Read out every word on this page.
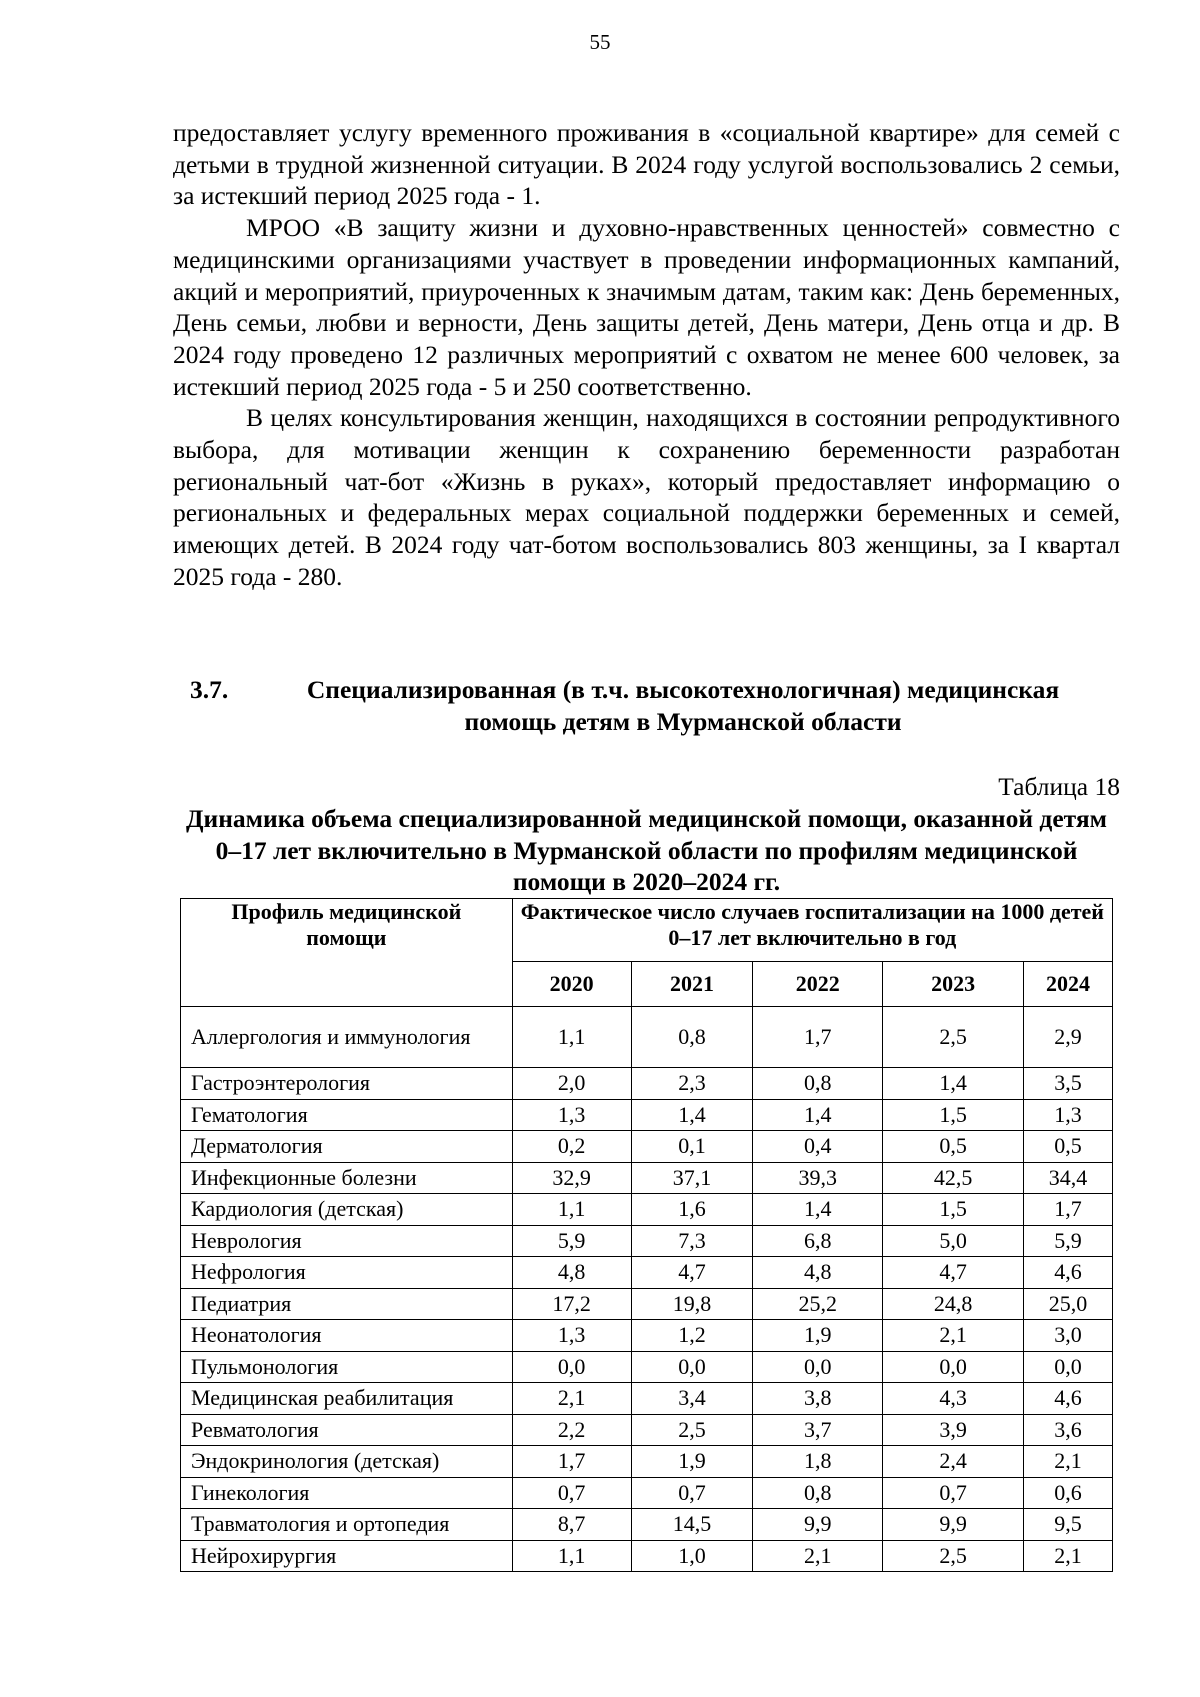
55

предоставляет услугу временного проживания в «социальной квартире» для семей с детьми в трудной жизненной ситуации. В 2024 году услугой воспользовались 2 семьи, за истекший период 2025 года - 1.

МРОО «В защиту жизни и духовно-нравственных ценностей» совместно с медицинскими организациями участвует в проведении информационных кампаний, акций и мероприятий, приуроченных к значимым датам, таким как: День беременных, День семьи, любви и верности, День защиты детей, День матери, День отца и др. В 2024 году проведено 12 различных мероприятий с охватом не менее 600 человек, за истекший период 2025 года - 5 и 250 соответственно.

В целях консультирования женщин, находящихся в состоянии репродуктивного выбора, для мотивации женщин к сохранению беременности разработан региональный чат-бот «Жизнь в руках», который предоставляет информацию о региональных и федеральных мерах социальной поддержки беременных и семей, имеющих детей. В 2024 году чат-ботом воспользовались 803 женщины, за I квартал 2025 года - 280.

3.7.	Специализированная (в т.ч. высокотехнологичная) медицинская помощь детям в Мурманской области
Таблица 18
Динамика объема специализированной медицинской помощи, оказанной детям 0–17 лет включительно в Мурманской области по профилям медицинской помощи в 2020–2024 гг.
Профиль медицинской помощи	Фактическое число случаев госпитализации на 1000 детей 0–17 лет включительно в год				
	2020	2021	2022	2023	2024
Аллергология и иммунология	1,1	0,8	1,7	2,5	2,9
Гастроэнтерология	2,0	2,3	0,8	1,4	3,5
Гематология	1,3	1,4	1,4	1,5	1,3
Дерматология	0,2	0,1	0,4	0,5	0,5
Инфекционные болезни	32,9	37,1	39,3	42,5	34,4
Кардиология (детская)	1,1	1,6	1,4	1,5	1,7
Неврология	5,9	7,3	6,8	5,0	5,9
Нефрология	4,8	4,7	4,8	4,7	4,6
Педиатрия	17,2	19,8	25,2	24,8	25,0
Неонатология	1,3	1,2	1,9	2,1	3,0
Пульмонология	0,0	0,0	0,0	0,0	0,0
Медицинская реабилитация	2,1	3,4	3,8	4,3	4,6
Ревматология	2,2	2,5	3,7	3,9	3,6
Эндокринология (детская)	1,7	1,9	1,8	2,4	2,1
Гинекология	0,7	0,7	0,8	0,7	0,6
Травматология и ортопедия	8,7	14,5	9,9	9,9	9,5
Нейрохирургия	1,1	1,0	2,1	2,5	2,1
